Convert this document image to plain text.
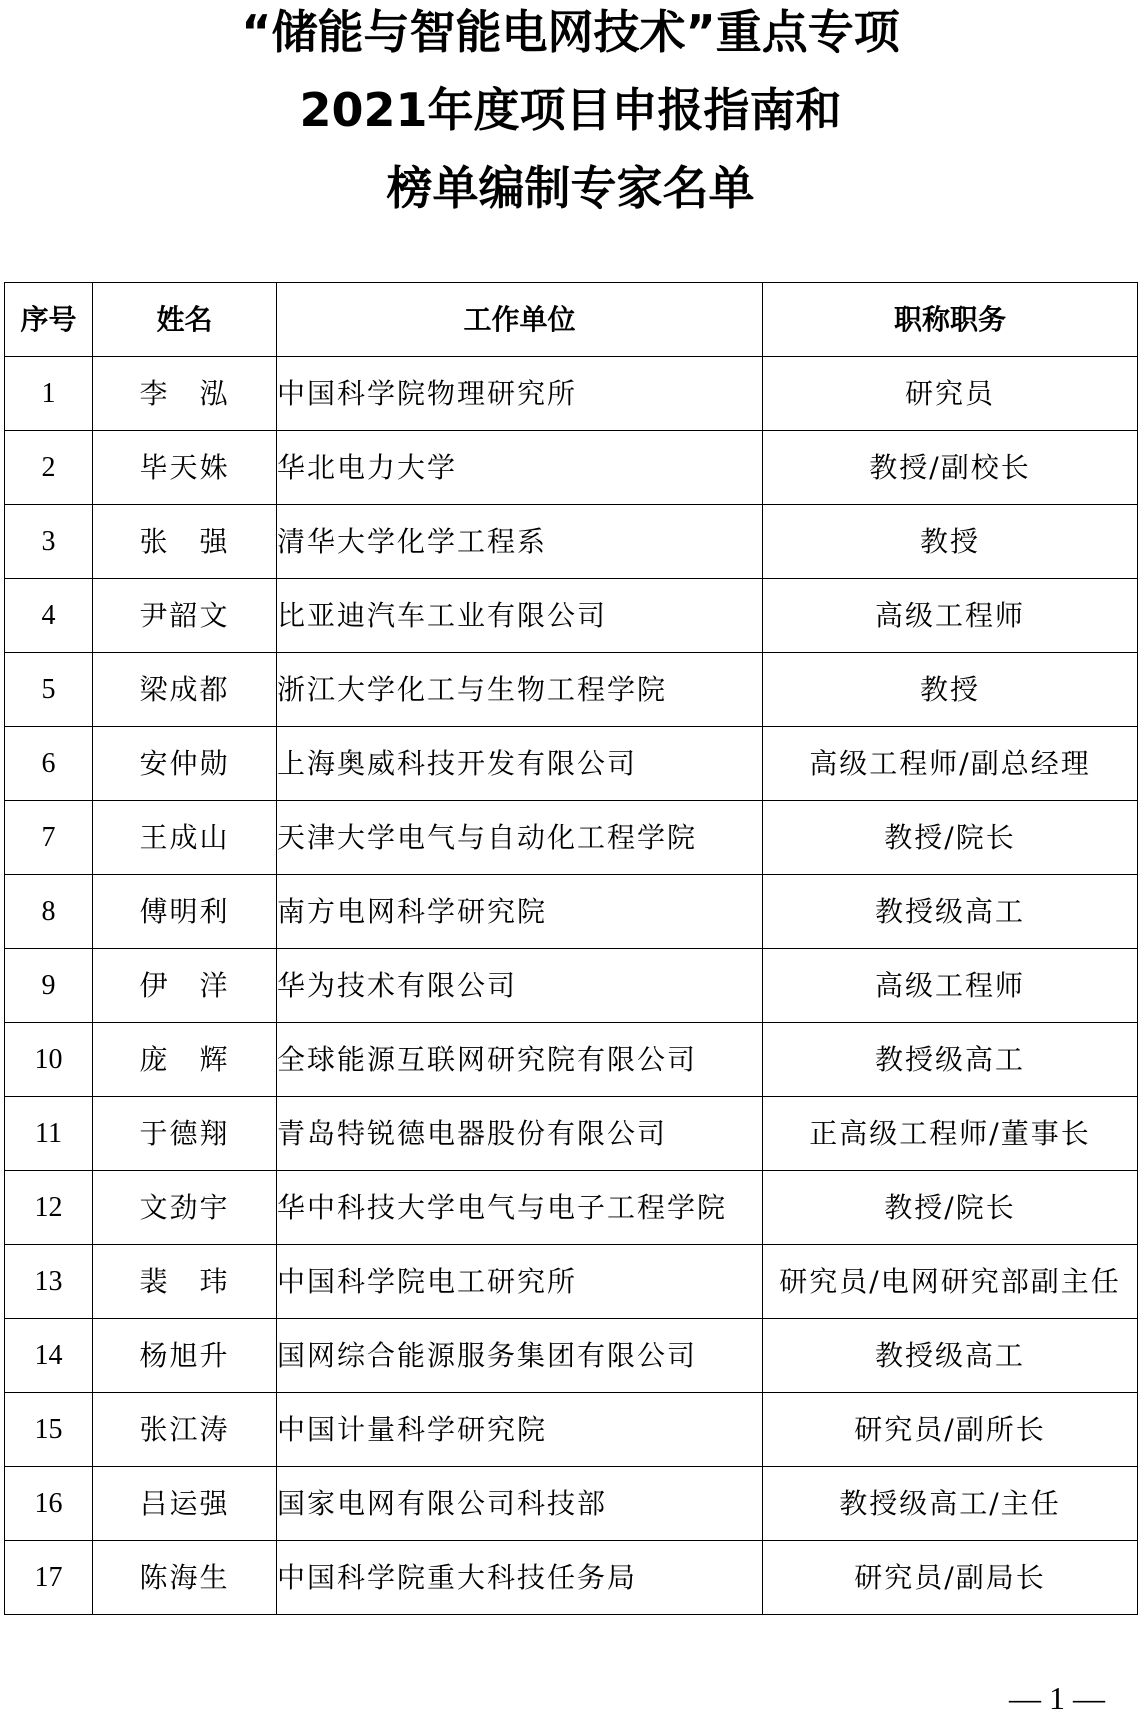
“储能与智能电网技术”重点专项
2021年度项目申报指南和
榜单编制专家名单
序号	姓名	工作单位	职称职务
1	李　泓	中国科学院物理研究所	研究员
2	毕天姝	华北电力大学	教授/副校长
3	张　强	清华大学化学工程系	教授
4	尹韶文	比亚迪汽车工业有限公司	高级工程师
5	梁成都	浙江大学化工与生物工程学院	教授
6	安仲勋	上海奥威科技开发有限公司	高级工程师/副总经理
7	王成山	天津大学电气与自动化工程学院	教授/院长
8	傅明利	南方电网科学研究院	教授级高工
9	伊　洋	华为技术有限公司	高级工程师
10	庞　辉	全球能源互联网研究院有限公司	教授级高工
11	于德翔	青岛特锐德电器股份有限公司	正高级工程师/董事长
12	文劲宇	华中科技大学电气与电子工程学院	教授/院长
13	裴　玮	中国科学院电工研究所	研究员/电网研究部副主任
14	杨旭升	国网综合能源服务集团有限公司	教授级高工
15	张江涛	中国计量科学研究院	研究员/副所长
16	吕运强	国家电网有限公司科技部	教授级高工/主任
17	陈海生	中国科学院重大科技任务局	研究员/副局长
— 1 —
